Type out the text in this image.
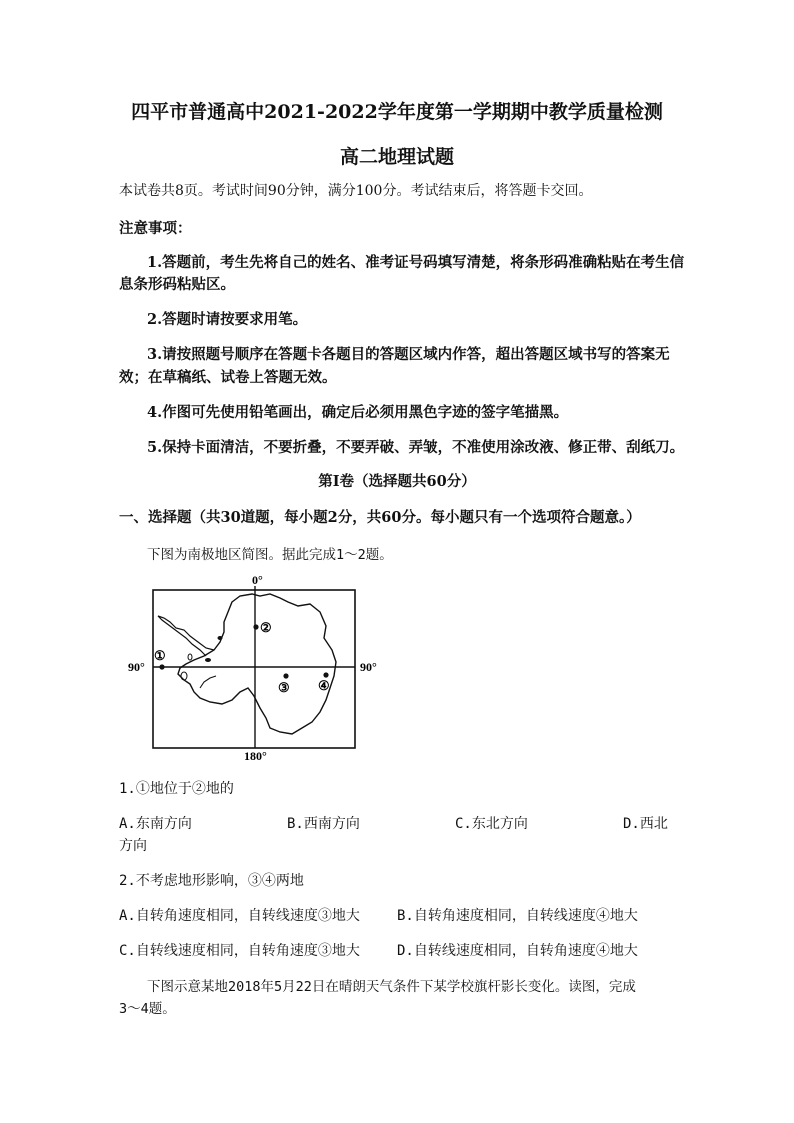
四平市普通高中2021-2022学年度第一学期期中教学质量检测
高二地理试题
本试卷共8页。考试时间90分钟，满分100分。考试结束后，将答题卡交回。
注意事项：
1.答题前，考生先将自己的姓名、准考证号码填写清楚，将条形码准确粘贴在考生信
息条形码粘贴区。
2.答题时请按要求用笔。
3.请按照题号顺序在答题卡各题目的答题区域内作答，超出答题区域书写的答案无
效；在草稿纸、试卷上答题无效。
4.作图可先使用铅笔画出，确定后必须用黑色字迹的签字笔描黑。
5.保持卡面清洁，不要折叠，不要弄破、弄皱，不准使用涂改液、修正带、刮纸刀。
第Ⅰ卷（选择题共60分）
一、选择题（共30道题，每小题2分，共60分。每小题只有一个选项符合题意。）
下图为南极地区简图。据此完成1～2题。
0°
180°
90°	90°
①
②
③ ④
1.①地位于②地的
A.东南方向	B.西南方向	C.东北方向	D.西北
方向
2.不考虑地形影响，③④两地
A.自转角速度相同，自转线速度③地大	B.自转角速度相同，自转线速度④地大
C.自转线速度相同，自转角速度③地大	D.自转线速度相同，自转角速度④地大
下图示意某地2018年5月22日在晴朗天气条件下某学校旗杆影长变化。读图，完成
3～4题。
